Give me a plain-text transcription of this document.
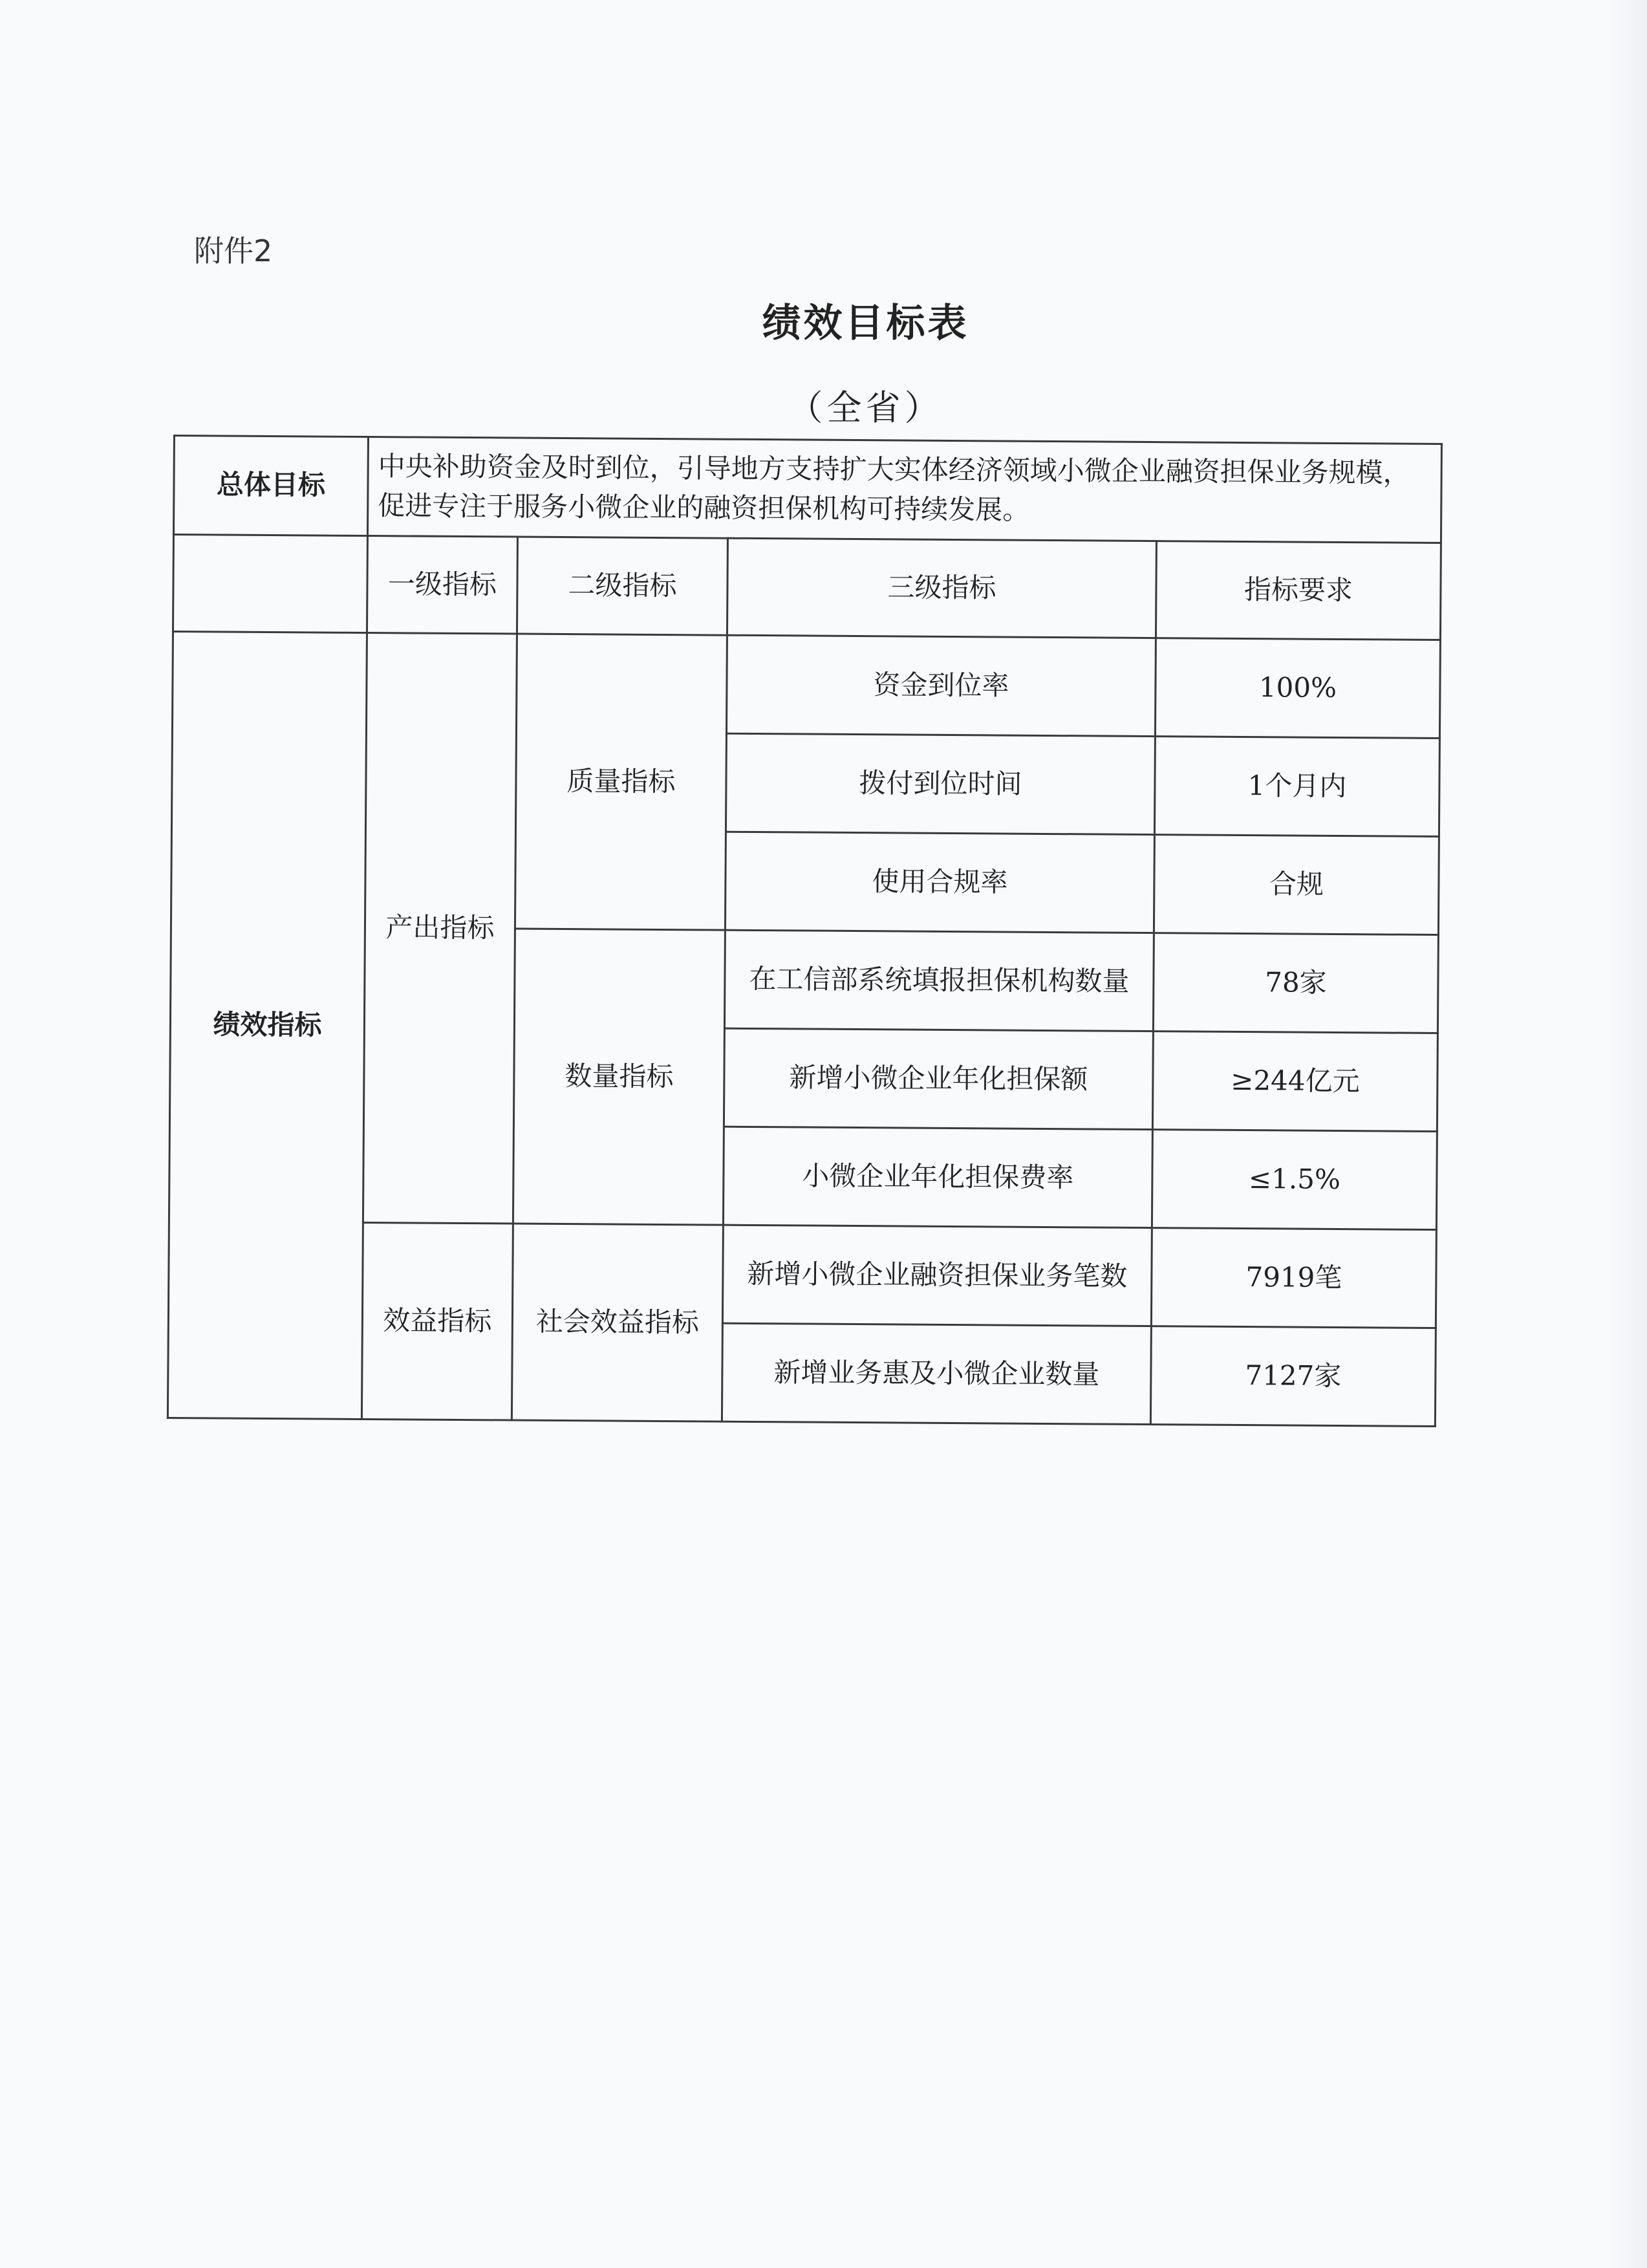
附件2
绩效目标表
（全省）
总体目标	中央补助资金及时到位，引导地方支持扩大实体经济领域小微企业融资担保业务规模，促进专注于服务小微企业的融资担保机构可持续发展。			
	一级指标	二级指标	三级指标	指标要求
绩效指标	产出指标	质量指标	资金到位率	100%
			拨付到位时间	1个月内
			使用合规率	合规
		数量指标	在工信部系统填报担保机构数量	78家
			新增小微企业年化担保额	≥244亿元
			小微企业年化担保费率	≤1.5%
	效益指标	社会效益指标	新增小微企业融资担保业务笔数	7919笔
			新增业务惠及小微企业数量	7127家
